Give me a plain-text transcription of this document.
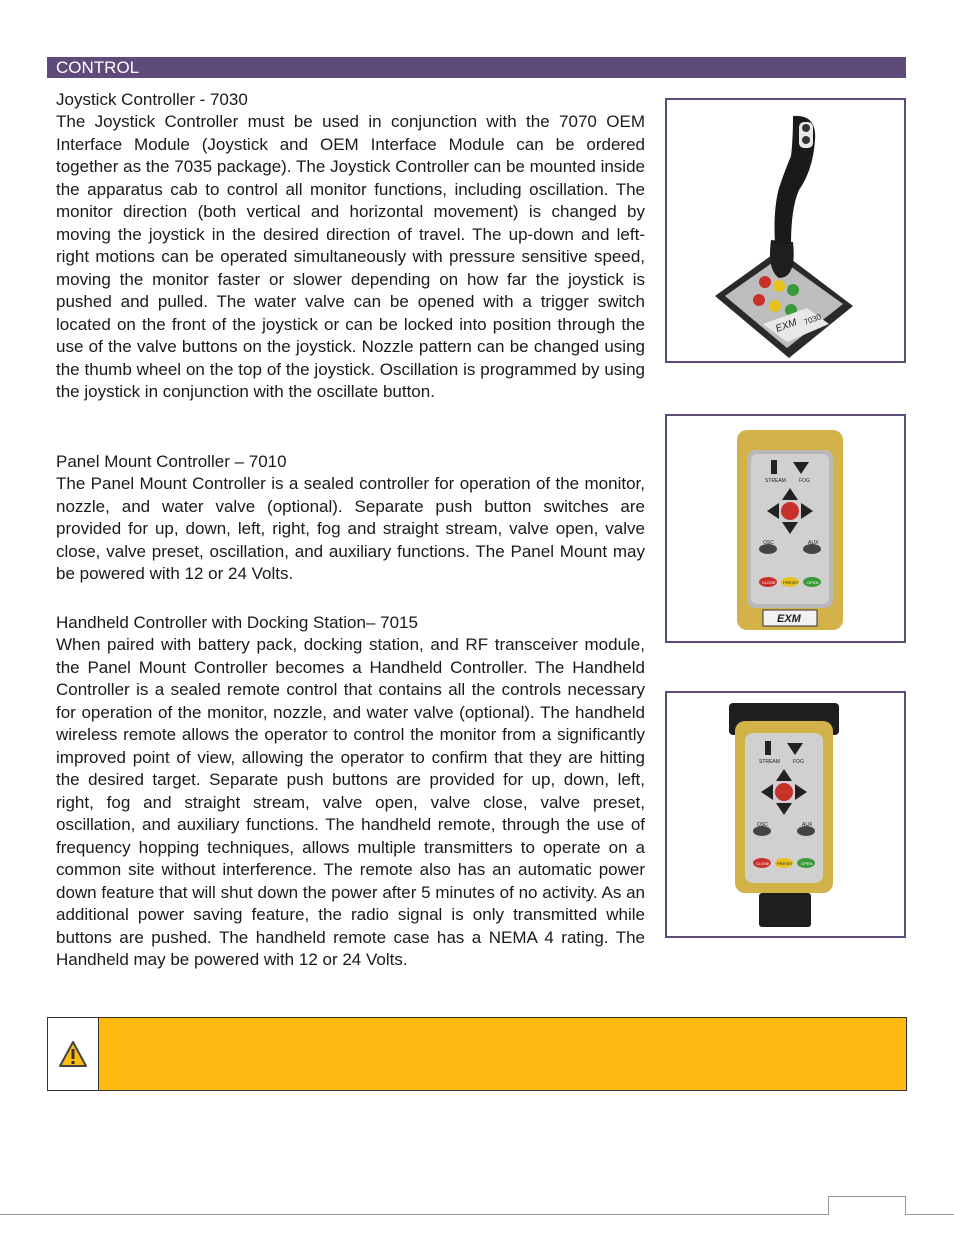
CONTROL

Joystick Controller - 7030

The Joystick Controller must be used in conjunction with the 7070 OEM Interface Module (Joystick and OEM Interface Module can be ordered together as the 7035 package). The Joystick Controller can be mounted inside the apparatus cab to control all monitor functions, including oscillation. The monitor direction (both vertical and horizontal movement) is changed by moving the joystick in the desired direction of travel. The up-down and left-right motions can be operated simultaneously with pressure sensitive speed, moving the monitor faster or slower depending on how far the joystick is pushed and pulled. The water valve can be opened with a trigger switch located on the front of the joystick or can be locked into position through the use of the valve buttons on the joystick. Nozzle pattern can be changed using the thumb wheel on the top of the joystick. Oscillation is programmed by using the joystick in conjunction with the oscillate button.

Panel Mount Controller – 7010

The Panel Mount Controller is a sealed controller for operation of the monitor, nozzle, and water valve (optional). Separate push button switches are provided for up, down, left, right, fog and straight stream, valve open, valve close, valve preset, oscillation, and auxiliary functions. The Panel Mount may be powered with 12 or 24 Volts.

Handheld Controller with Docking Station– 7015

When paired with battery pack, docking station, and RF transceiver module, the Panel Mount Controller becomes a Handheld Controller. The Handheld Controller is a sealed remote control that contains all the controls necessary for operation of the monitor, nozzle, and water valve (optional). The handheld wireless remote allows the operator to control the monitor from a significantly improved point of view, allowing the operator to confirm that they are hitting the desired target. Separate push buttons are provided for up, down, left, right, fog and straight stream, valve open, valve close, valve preset, oscillation, and auxiliary functions. The handheld remote, through the use of frequency hopping techniques, allows multiple transmitters to operate on a common site without interference. The remote also has an automatic power down feature that will shut down the power after 5 minutes of no activity. As an additional power saving feature, the radio signal is only transmitted while buttons are pushed. The handheld remote case has a NEMA 4 rating. The Handheld may be powered with 12 or 24 Volts.

EXM 7030
STREAM	FOG
OSC	AUX
CLOSE PRESET OPEN
EXM
STREAM	FOG
OSC	AUX
CLOSE PRESET OPEN
